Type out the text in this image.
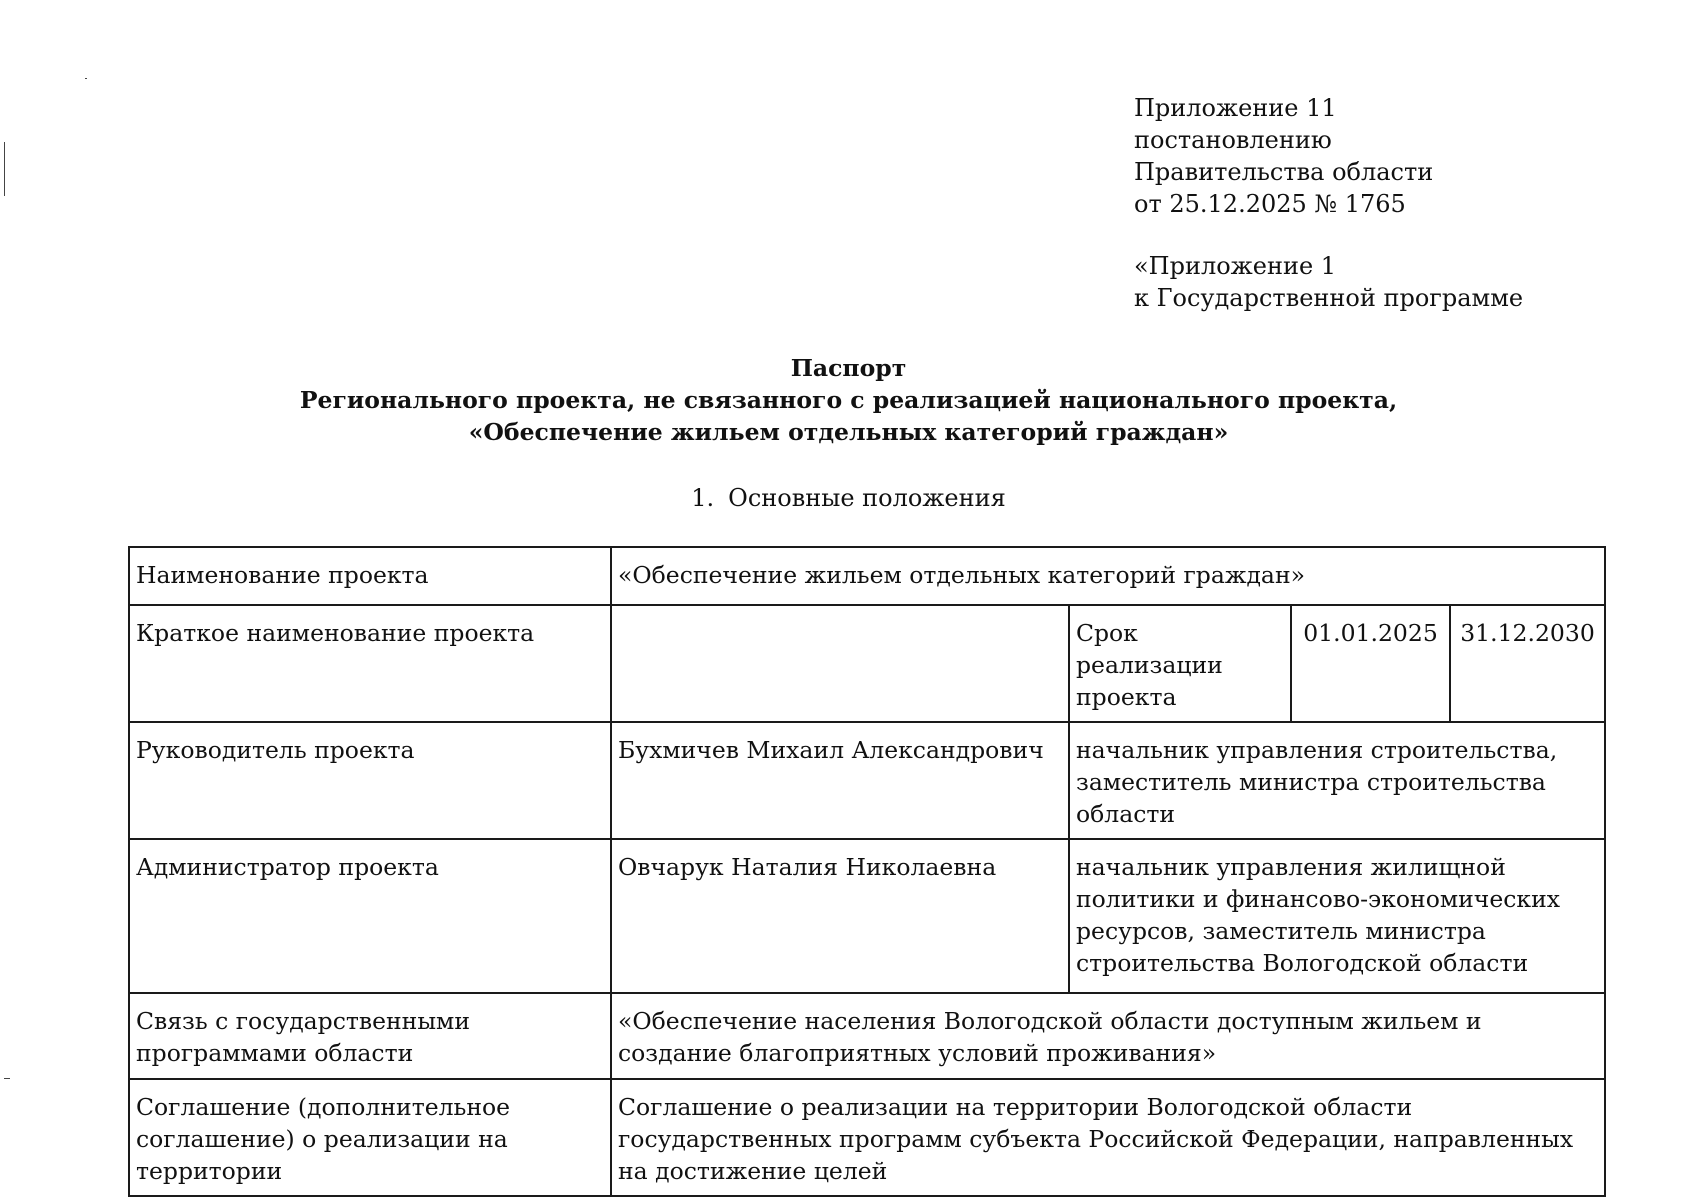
Приложение 11
постановлению
Правительства области
от 25.12.2025 № 1765
«Приложение 1
к Государственной программе
Паспорт
Регионального проекта, не связанного с реализацией национального проекта,
«Обеспечение жильем отдельных категорий граждан»
1. Основные положения
Наименование проекта	«Обеспечение жильем отдельных категорий граждан»			
Краткое наименование проекта		Срок реализации проекта	01.01.2025	31.12.2030
Руководитель проекта	Бухмичев Михаил Александрович	начальник управления строительства, заместитель министра строительства области		
Администратор проекта	Овчарук Наталия Николаевна	начальник управления жилищной политики и финансово-экономических ресурсов, заместитель министра строительства Вологодской области		
Связь с государственными программами области	«Обеспечение населения Вологодской области доступным жильем и создание благоприятных условий проживания»			
Соглашение (дополнительное соглашение) о реализации на территории	Соглашение о реализации на территории Вологодской области государственных программ субъекта Российской Федерации, направленных на достижение целей			
